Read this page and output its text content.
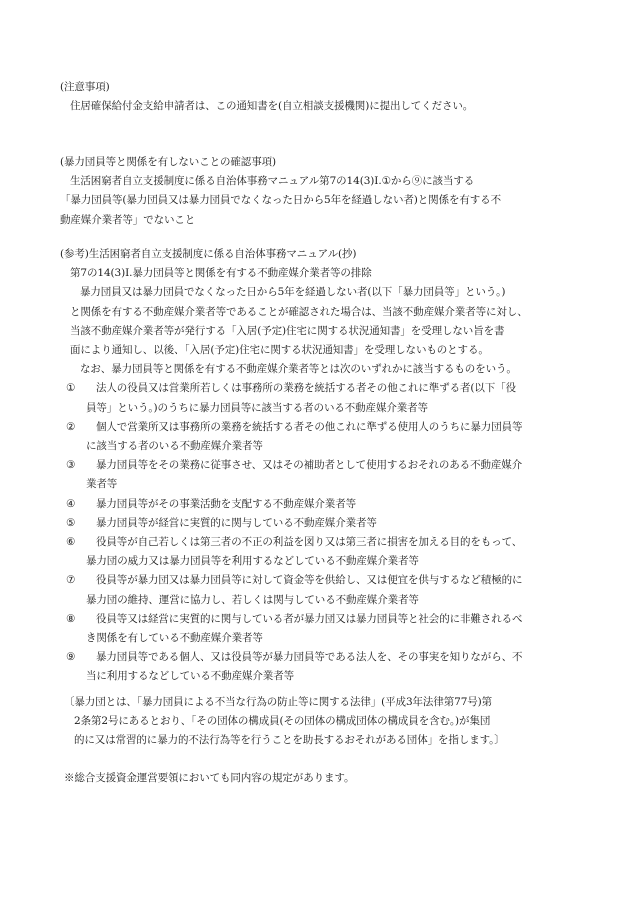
(注意事項)
住居確保給付金支給申請者は、この通知書を(自立相談支援機関)に提出してください。
(暴力団員等と関係を有しないことの確認事項)
生活困窮者自立支援制度に係る自治体事務マニュアル第7の14(3)Ⅰ.①から⑨に該当する
「暴力団員等(暴力団員又は暴力団員でなくなった日から5年を経過しない者)と関係を有する不
動産媒介業者等」でないこと
(参考)生活困窮者自立支援制度に係る自治体事務マニュアル(抄)
第7の14(3)Ⅰ.暴力団員等と関係を有する不動産媒介業者等の排除
暴力団員又は暴力団員でなくなった日から5年を経過しない者(以下「暴力団員等」という。)
と関係を有する不動産媒介業者等であることが確認された場合は、当該不動産媒介業者等に対し、
当該不動産媒介業者等が発行する「入居(予定)住宅に関する状況通知書」を受理しない旨を書
面により通知し、以後、「入居(予定)住宅に関する状況通知書」を受理しないものとする。
なお、暴力団員等と関係を有する不動産媒介業者等とは次のいずれかに該当するものをいう。
①	法人の役員又は営業所若しくは事務所の業務を統括する者その他これに準ずる者(以下「役
員等」という。)のうちに暴力団員等に該当する者のいる不動産媒介業者等
②	個人で営業所又は事務所の業務を統括する者その他これに準ずる使用人のうちに暴力団員等
に該当する者のいる不動産媒介業者等
③	暴力団員等をその業務に従事させ、又はその補助者として使用するおそれのある不動産媒介
業者等
④	暴力団員等がその事業活動を支配する不動産媒介業者等
⑤	暴力団員等が経営に実質的に関与している不動産媒介業者等
⑥	役員等が自己若しくは第三者の不正の利益を図り又は第三者に損害を加える目的をもって、
暴力団の威力又は暴力団員等を利用するなどしている不動産媒介業者等
⑦	役員等が暴力団又は暴力団員等に対して資金等を供給し、又は便宜を供与するなど積極的に
暴力団の維持、運営に協力し、若しくは関与している不動産媒介業者等
⑧	役員等又は経営に実質的に関与している者が暴力団又は暴力団員等と社会的に非難されるべ
き関係を有している不動産媒介業者等
⑨	暴力団員等である個人、又は役員等が暴力団員等である法人を、その事実を知りながら、不
当に利用するなどしている不動産媒介業者等
〔暴力団とは、「暴力団員による不当な行為の防止等に関する法律」(平成3年法律第77号)第
2条第2号にあるとおり、「その団体の構成員(その団体の構成団体の構成員を含む。)が集団
的に又は常習的に暴力的不法行為等を行うことを助長するおそれがある団体」を指します。〕
※総合支援資金運営要領においても同内容の規定があります。
